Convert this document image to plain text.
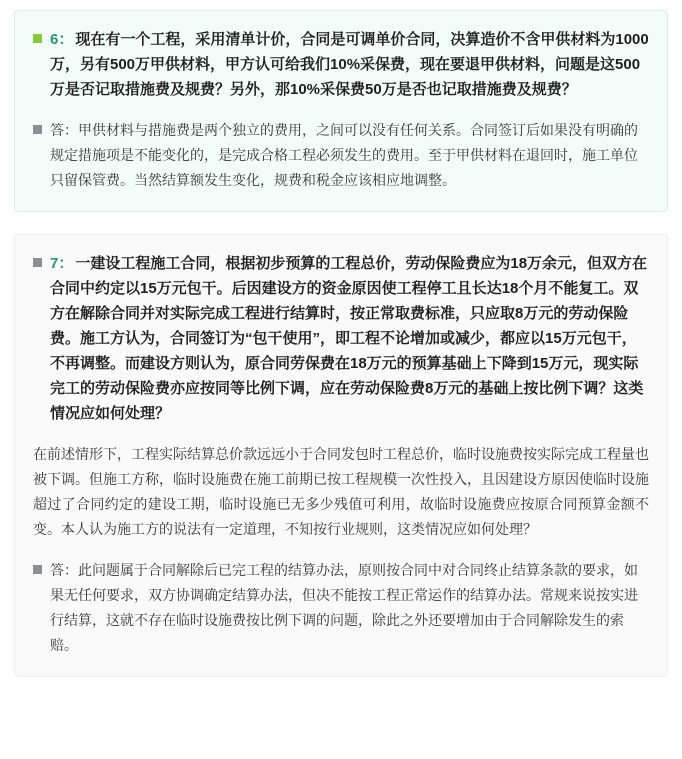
6： 现在有一个工程，采用清单计价，合同是可调单价合同，决算造价不含甲供材料为1000万，另有500万甲供材料，甲方认可给我们10%采保费，现在要退甲供材料，问题是这500万是否记取措施费及规费？另外，那10%采保费50万是否也记取措施费及规费？
答：甲供材料与措施费是两个独立的费用，之间可以没有任何关系。合同签订后如果没有明确的规定措施项是不能变化的，是完成合格工程必须发生的费用。至于甲供材料在退回时，施工单位只留保管费。当然结算额发生变化，规费和税金应该相应地调整。
7： 一建设工程施工合同，根据初步预算的工程总价，劳动保险费应为18万余元，但双方在合同中约定以15万元包干。后因建设方的资金原因使工程停工且长达18个月不能复工。双方在解除合同并对实际完成工程进行结算时，按正常取费标准，只应取8万元的劳动保险费。施工方认为，合同签订为“包干使用”，即工程不论增加或减少，都应以15万元包干，不再调整。而建设方则认为，原合同劳保费在18万元的预算基础上下降到15万元，现实际完工的劳动保险费亦应按同等比例下调，应在劳动保险费8万元的基础上按比例下调？这类情况应如何处理？
在前述情形下，工程实际结算总价款远远小于合同发包时工程总价，临时设施费按实际完成工程量也被下调。但施工方称，临时设施费在施工前期已按工程规模一次性投入，且因建设方原因使临时设施超过了合同约定的建设工期，临时设施已无多少残值可利用，故临时设施费应按原合同预算金额不变。本人认为施工方的说法有一定道理，不知按行业规则，这类情况应如何处理？
答：此问题属于合同解除后已完工程的结算办法，原则按合同中对合同终止结算条款的要求，如果无任何要求，双方协调确定结算办法，但决不能按工程正常运作的结算办法。常规来说按实进行结算，这就不存在临时设施费按比例下调的问题，除此之外还要增加由于合同解除发生的索赔。
